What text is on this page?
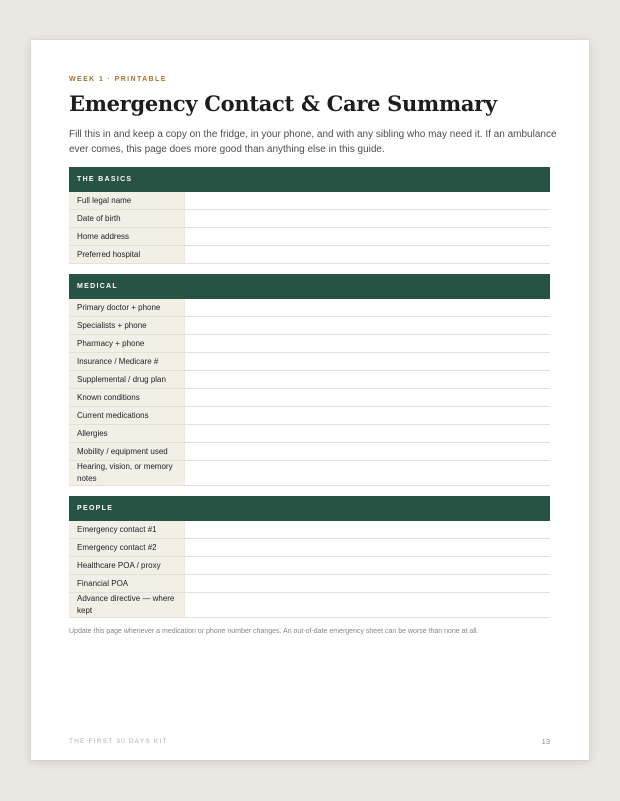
WEEK 1 · PRINTABLE
Emergency Contact & Care Summary

Fill this in and keep a copy on the fridge, in your phone, and with any sibling who may need it. If an ambulance ever comes, this page does more good than anything else in this guide.

THE BASICS
Full legal name
Date of birth
Home address
Preferred hospital
MEDICAL
Primary doctor + phone
Specialists + phone
Pharmacy + phone
Insurance / Medicare #
Supplemental / drug plan
Known conditions
Current medications
Allergies
Mobility / equipment used
Hearing, vision, or memory notes
PEOPLE
Emergency contact #1
Emergency contact #2
Healthcare POA / proxy
Financial POA
Advance directive — where kept

Update this page whenever a medication or phone number changes. An out-of-date emergency sheet can be worse than none at all.

THE FIRST 30 DAYS KIT	13
